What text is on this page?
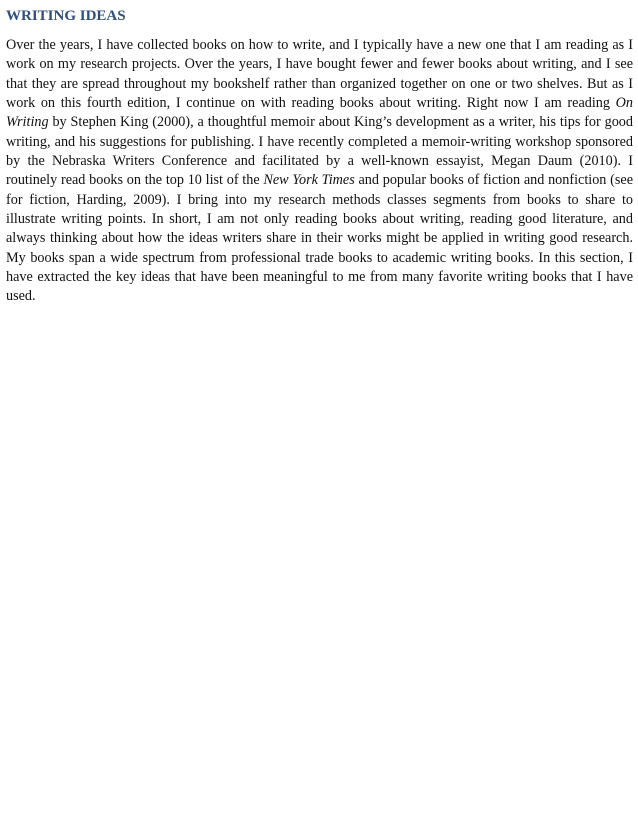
WRITING IDEAS

Over the years, I have collected books on how to write, and I typically have a new one that I am reading as I work on my research projects. Over the years, I have bought fewer and fewer books about writing, and I see that they are spread throughout my bookshelf rather than organized together on one or two shelves. But as I work on this fourth edition, I continue on with reading books about writing. Right now I am reading On Writing by Stephen King (2000), a thoughtful memoir about King’s development as a writer, his tips for good writing, and his suggestions for publishing. I have recently completed a memoir-writing workshop sponsored by the Nebraska Writers Conference and facilitated by a well-known essayist, Megan Daum (2010). I routinely read books on the top 10 list of the New York Times and popular books of fiction and nonfiction (see for fiction, Harding, 2009). I bring into my research methods classes segments from books to share to illustrate writing points. In short, I am not only reading books about writing, reading good literature, and always thinking about how the ideas writers share in their works might be applied in writing good research. My books span a wide spectrum from professional trade books to academic writing books. In this section, I have extracted the key ideas that have been meaningful to me from many favorite writing books that I have used.
